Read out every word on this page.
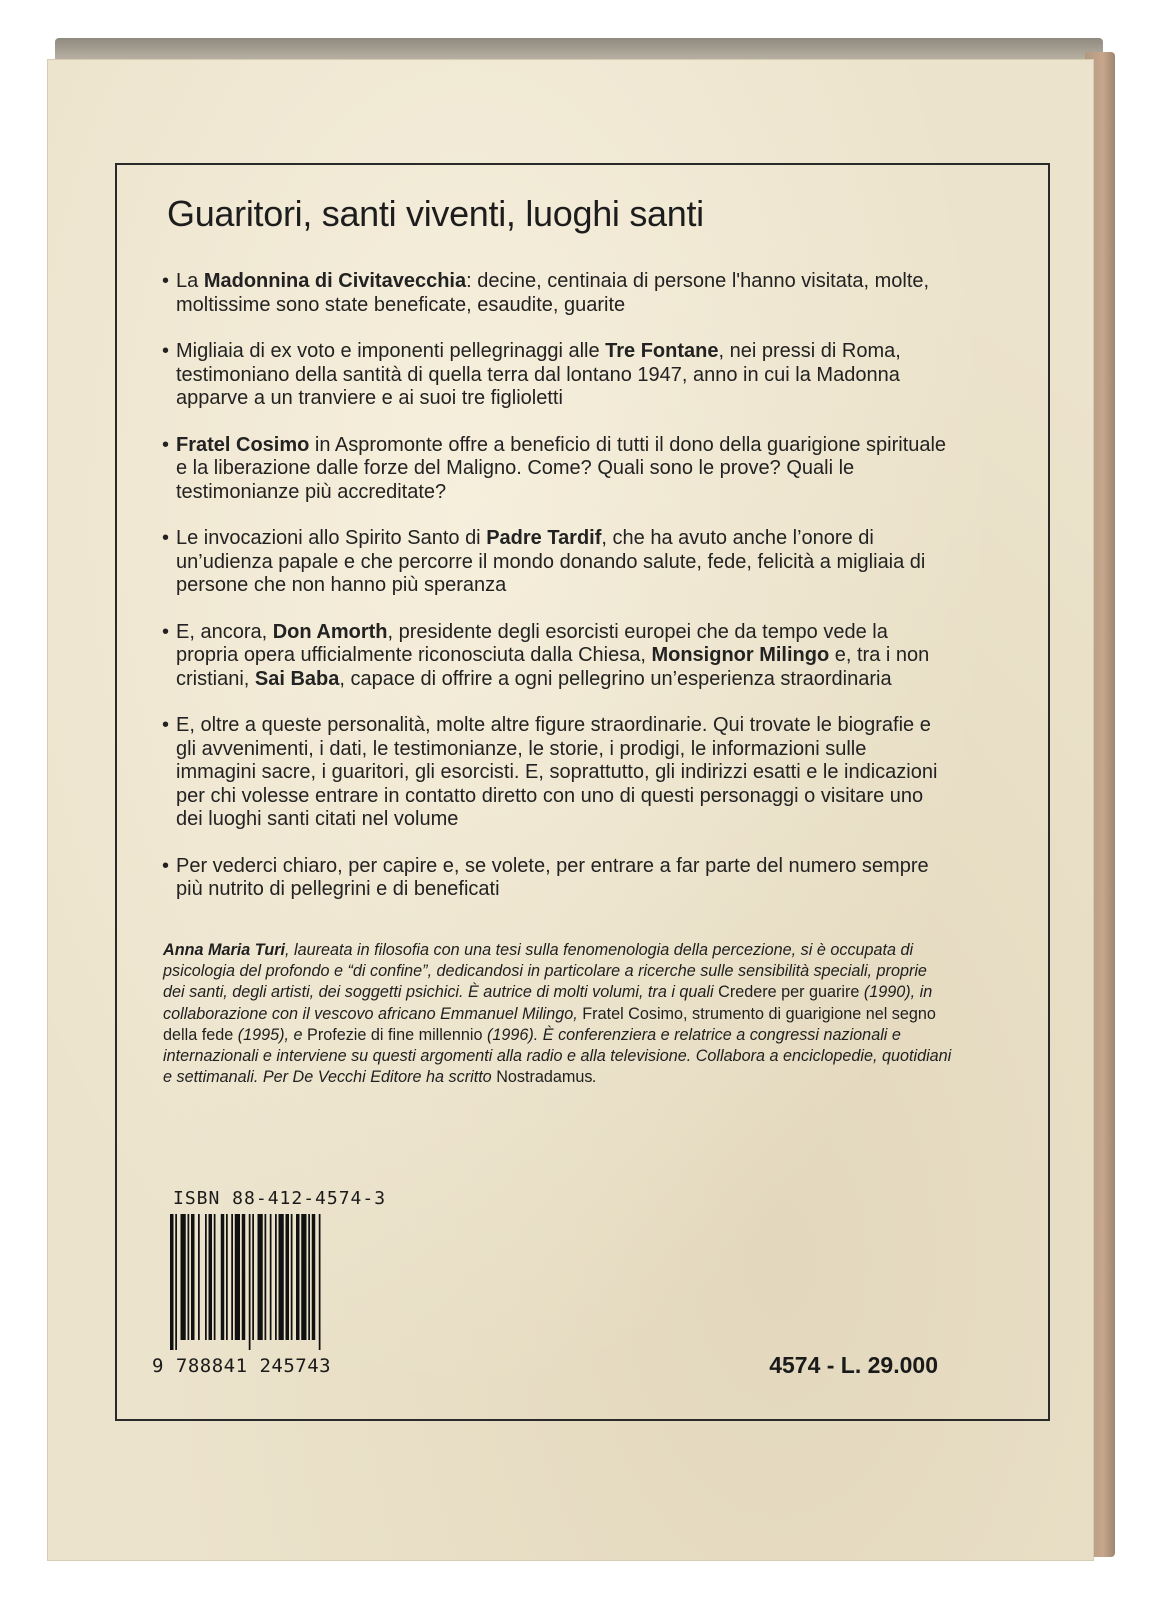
Guaritori, santi viventi, luoghi santi
• La Madonnina di Civitavecchia: decine, centinaia di persone l'hanno visitata, molte, moltissime sono state beneficate, esaudite, guarite
• Migliaia di ex voto e imponenti pellegrinaggi alle Tre Fontane, nei pressi di Roma, testimoniano della santità di quella terra dal lontano 1947, anno in cui la Madonna apparve a un tranviere e ai suoi tre figlioletti
• Fratel Cosimo in Aspromonte offre a beneficio di tutti il dono della guarigione spirituale e la liberazione dalle forze del Maligno. Come? Quali sono le prove? Quali le testimonianze più accreditate?
• Le invocazioni allo Spirito Santo di Padre Tardif, che ha avuto anche l’onore di un’udienza papale e che percorre il mondo donando salute, fede, felicità a migliaia di persone che non hanno più speranza
• E, ancora, Don Amorth, presidente degli esorcisti europei che da tempo vede la propria opera ufficialmente riconosciuta dalla Chiesa, Monsignor Milingo e, tra i non cristiani, Sai Baba, capace di offrire a ogni pellegrino un’esperienza straordinaria
• E, oltre a queste personalità, molte altre figure straordinarie. Qui trovate le biografie e gli avvenimenti, i dati, le testimonianze, le storie, i prodigi, le informazioni sulle immagini sacre, i guaritori, gli esorcisti. E, soprattutto, gli indirizzi esatti e le indicazioni per chi volesse entrare in contatto diretto con uno di questi personaggi o visitare uno dei luoghi santi citati nel volume
• Per vederci chiaro, per capire e, se volete, per entrare a far parte del numero sempre più nutrito di pellegrini e di beneficati
Anna Maria Turi, laureata in filosofia con una tesi sulla fenomenologia della percezione, si è occupata di psicologia del profondo e “di confine”, dedicandosi in particolare a ricerche sulle sensibilità speciali, proprie dei santi, degli artisti, dei soggetti psichici. È autrice di molti volumi, tra i quali Credere per guarire (1990), in collaborazione con il vescovo africano Emmanuel Milingo, Fratel Cosimo, strumento di guarigione nel segno della fede (1995), e Profezie di fine millennio (1996). È conferenziera e relatrice a congressi nazionali e internazionali e interviene su questi argomenti alla radio e alla televisione. Collabora a enciclopedie, quotidiani e settimanali. Per De Vecchi Editore ha scritto Nostradamus.
ISBN 88-412-4574-3
9 788841 245743	4574 - L. 29.000
